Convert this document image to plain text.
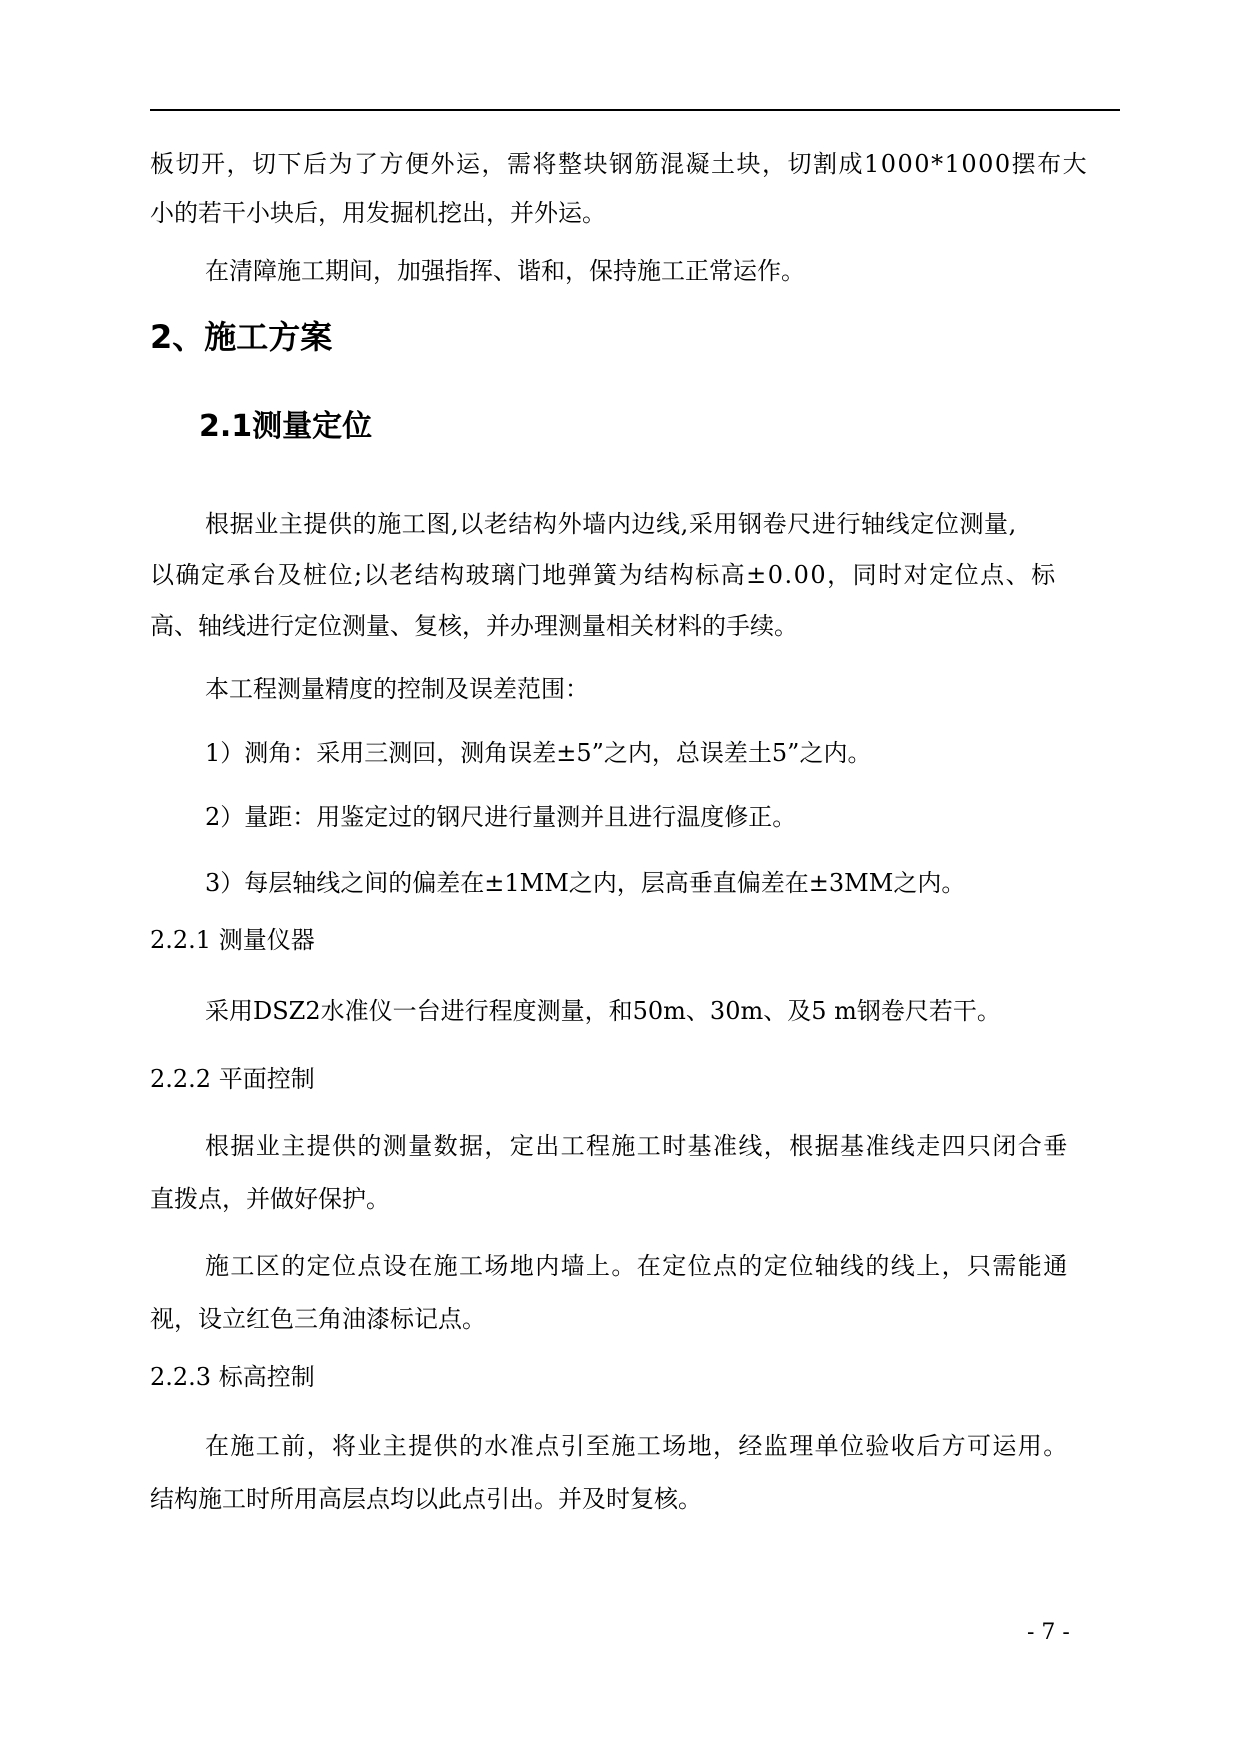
板切开，切下后为了方便外运，需将整块钢筋混凝土块，切割成1000*1000摆布大
小的若干小块后，用发掘机挖出，并外运。
在清障施工期间，加强指挥、谐和，保持施工正常运作。
2、施工方案
2.1测量定位
根据业主提供的施工图,以老结构外墙内边线,采用钢卷尺进行轴线定位测量,
以确定承台及桩位;以老结构玻璃门地弹簧为结构标高±0.00，同时对定位点、标
高、轴线进行定位测量、复核，并办理测量相关材料的手续。
本工程测量精度的控制及误差范围：
1）测角：采用三测回，测角误差±5”之内，总误差土5”之内。
2）量距：用鉴定过的钢尺进行量测并且进行温度修正。
3）每层轴线之间的偏差在±1MM之内，层高垂直偏差在±3MM之内。
2.2.1 测量仪器
采用DSZ2水准仪一台进行程度测量，和50m、30m、及5 m钢卷尺若干。
2.2.2 平面控制
根据业主提供的测量数据，定出工程施工时基准线，根据基准线走四只闭合垂
直拨点，并做好保护。
施工区的定位点设在施工场地内墙上。在定位点的定位轴线的线上，只需能通
视，设立红色三角油漆标记点。
2.2.3 标高控制
在施工前，将业主提供的水准点引至施工场地，经监理单位验收后方可运用。
结构施工时所用高层点均以此点引出。并及时复核。
- 7 -
